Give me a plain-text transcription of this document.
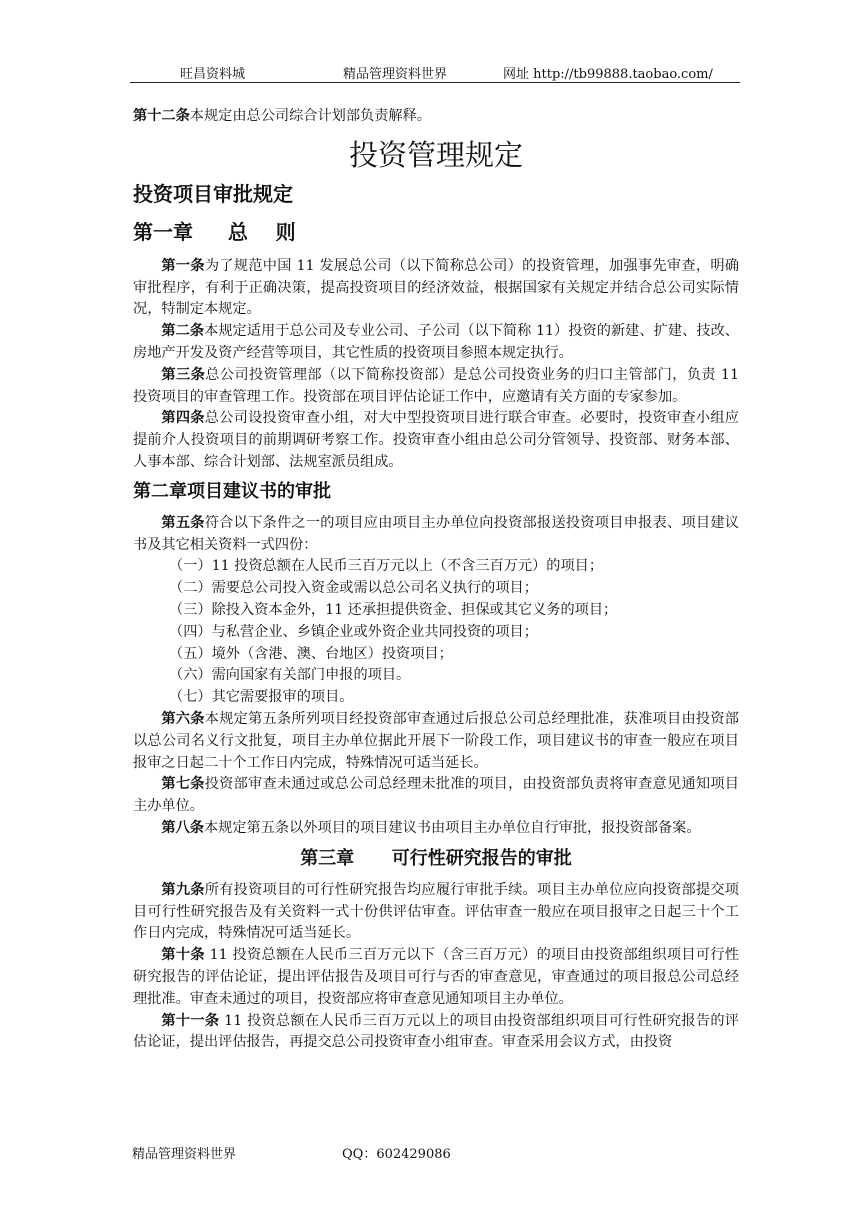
旺昌资料城	精品管理资料世界	网址 http://tb99888.taobao.com/

第十二条本规定由总公司综合计划部负责解释。

投资管理规定
投资项目审批规定
第一章     总    则

第一条为了规范中国 11 发展总公司（以下简称总公司）的投资管理，加强事先审查，明确审批程序，有利于正确决策，提高投资项目的经济效益，根据国家有关规定并结合总公司实际情况，特制定本规定。

第二条本规定适用于总公司及专业公司、子公司（以下简称 11）投资的新建、扩建、技改、房地产开发及资产经营等项目，其它性质的投资项目参照本规定执行。

第三条总公司投资管理部（以下简称投资部）是总公司投资业务的归口主管部门，负责 11 投资项目的审查管理工作。投资部在项目评估论证工作中，应邀请有关方面的专家参加。

第四条总公司设投资审查小组，对大中型投资项目进行联合审查。必要时，投资审查小组应提前介人投资项目的前期调研考察工作。投资审查小组由总公司分管领导、投资部、财务本部、人事本部、综合计划部、法规室派员组成。

第二章项目建议书的审批

第五条符合以下条件之一的项目应由项目主办单位向投资部报送投资项目申报表、项目建议书及其它相关资料一式四份：

（一）11 投资总额在人民币三百万元以上（不含三百万元）的项目；

（二）需要总公司投入资金或需以总公司名义执行的项目；

（三）除投入资本金外，11 还承担提供资金、担保或其它义务的项目；

（四）与私营企业、乡镇企业或外资企业共同投资的项目；

（五）境外（含港、澳、台地区）投资项目；

（六）需向国家有关部门申报的项目。

（七）其它需要报审的项目。

第六条本规定第五条所列项目经投资部审查通过后报总公司总经理批准，获准项目由投资部以总公司名义行文批复，项目主办单位据此开展下一阶段工作，项目建议书的审查一般应在项目报审之日起二十个工作日内完成，特殊情况可适当延长。

第七条投资部审查未通过或总公司总经理未批准的项目，由投资部负责将审查意见通知项目主办单位。

第八条本规定第五条以外项目的项目建议书由项目主办单位自行审批，报投资部备案。

第三章      可行性研究报告的审批

第九条所有投资项目的可行性研究报告均应履行审批手续。项目主办单位应向投资部提交项目可行性研究报告及有关资料一式十份供评估审查。评估审查一般应在项目报审之日起三十个工作日内完成，特殊情况可适当延长。

第十条 11 投资总额在人民币三百万元以下（含三百万元）的项目由投资部组织项目可行性研究报告的评估论证，提出评估报告及项目可行与否的审查意见，审查通过的项目报总公司总经理批准。审查未通过的项目，投资部应将审查意见通知项目主办单位。

第十一条 11 投资总额在人民币三百万元以上的项目由投资部组织项目可行性研究报告的评估论证，提出评估报告，再提交总公司投资审查小组审查。审查采用会议方式，由投资

精品管理资料世界	QQ：602429086
